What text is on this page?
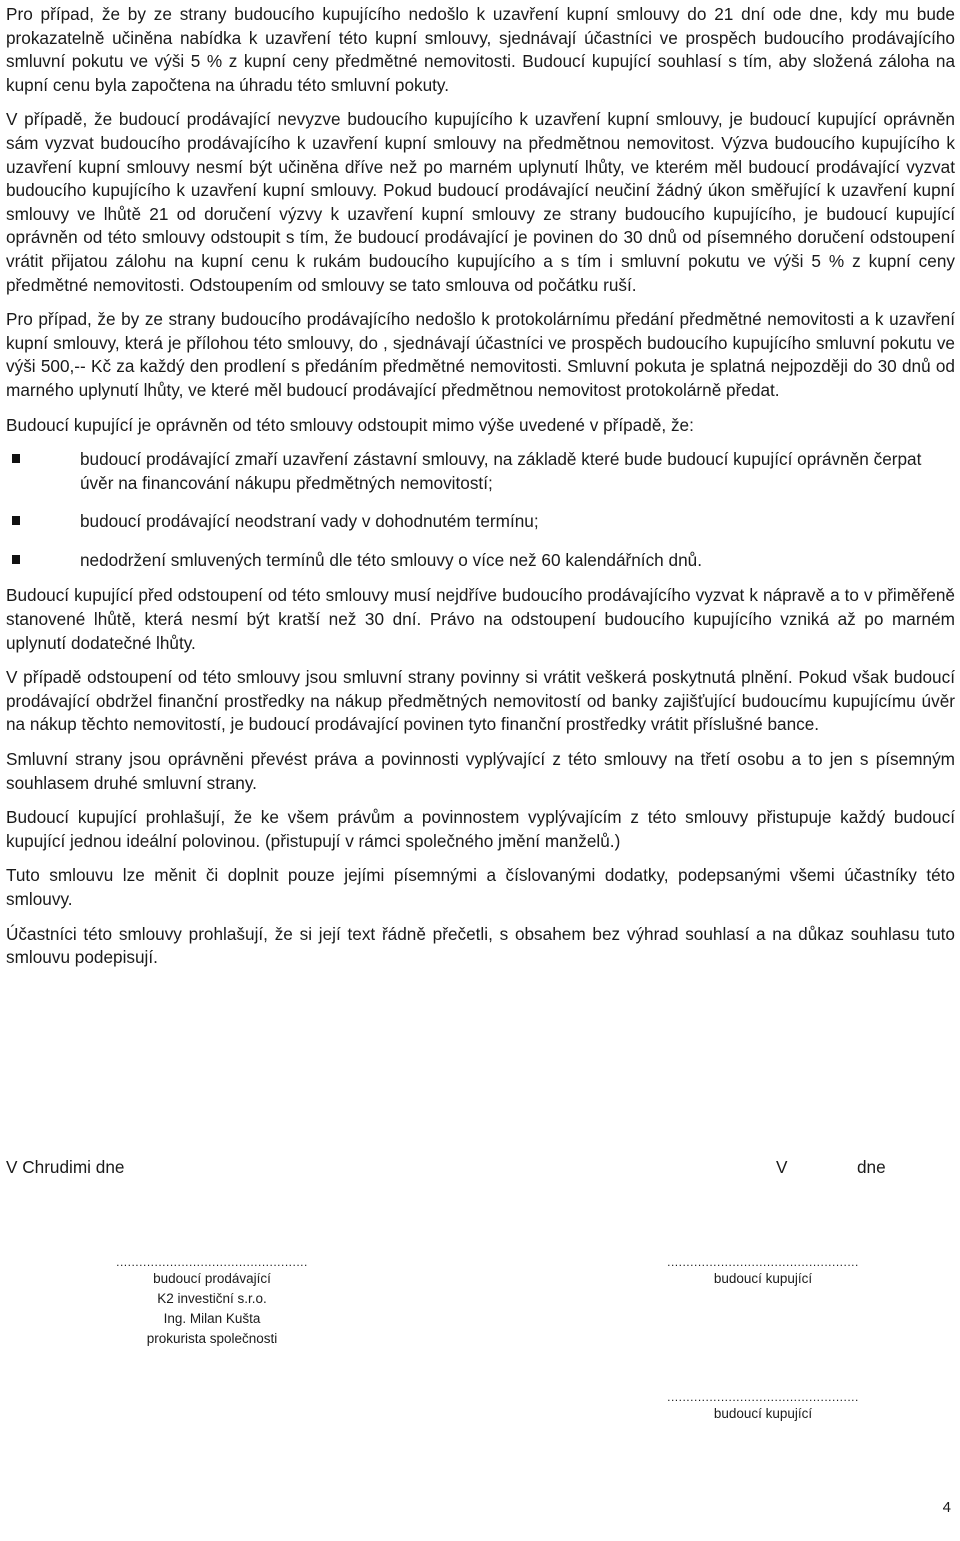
Pro případ, že by ze strany budoucího kupujícího nedošlo k uzavření kupní smlouvy do 21 dní ode dne, kdy mu bude prokazatelně učiněna nabídka k uzavření této kupní smlouvy, sjednávají účastníci ve prospěch budoucího prodávajícího smluvní pokutu ve výši 5 % z kupní ceny předmětné nemovitosti. Budoucí kupující souhlasí s tím, aby složená záloha na kupní cenu byla započtena na úhradu této smluvní pokuty.

V případě, že budoucí prodávající nevyzve budoucího kupujícího k uzavření kupní smlouvy, je budoucí kupující oprávněn sám vyzvat budoucího prodávajícího k uzavření kupní smlouvy na předmětnou nemovitost. Výzva budoucího kupujícího k uzavření kupní smlouvy nesmí být učiněna dříve než po marném uplynutí lhůty, ve kterém měl budoucí prodávající vyzvat budoucího kupujícího k uzavření kupní smlouvy. Pokud budoucí prodávající neučiní žádný úkon směřující k uzavření kupní smlouvy ve lhůtě 21 od doručení výzvy k uzavření kupní smlouvy ze strany budoucího kupujícího, je budoucí kupující oprávněn od této smlouvy odstoupit s tím, že budoucí prodávající je povinen do 30 dnů od písemného doručení odstoupení vrátit přijatou zálohu na kupní cenu k rukám budoucího kupujícího a s tím i smluvní pokutu ve výši 5 % z kupní ceny předmětné nemovitosti. Odstoupením od smlouvy se tato smlouva od počátku ruší.

Pro případ, že by ze strany budoucího prodávajícího nedošlo k protokolárnímu předání předmětné nemovitosti a k uzavření kupní smlouvy, která je přílohou této smlouvy, do , sjednávají účastníci ve prospěch budoucího kupujícího smluvní pokutu ve výši 500,-- Kč za každý den prodlení s předáním předmětné nemovitosti. Smluvní pokuta je splatná nejpozději do 30 dnů od marného uplynutí lhůty, ve které měl budoucí prodávající předmětnou nemovitost protokolárně předat.

Budoucí kupující je oprávněn od této smlouvy odstoupit mimo výše uvedené v případě, že:

budoucí prodávající zmaří uzavření zástavní smlouvy, na základě které bude budoucí kupující oprávněn čerpat úvěr na financování nákupu předmětných nemovitostí;
budoucí prodávající neodstraní vady v dohodnutém termínu;
nedodržení smluvených termínů dle této smlouvy o více než 60 kalendářních dnů.

Budoucí kupující před odstoupení od této smlouvy musí nejdříve budoucího prodávajícího vyzvat k nápravě a to v přiměřeně stanovené lhůtě, která nesmí být kratší než 30 dní. Právo na odstoupení budoucího kupujícího vzniká až po marném uplynutí dodatečné lhůty.

V případě odstoupení od této smlouvy jsou smluvní strany povinny si vrátit veškerá poskytnutá plnění. Pokud však budoucí prodávající obdržel finanční prostředky na nákup předmětných nemovitostí od banky zajišťující budoucímu kupujícímu úvěr na nákup těchto nemovitostí, je budoucí prodávající povinen tyto finanční prostředky vrátit příslušné bance.

Smluvní strany jsou oprávněni převést práva a povinnosti vyplývající z této smlouvy na třetí osobu a to jen s písemným souhlasem druhé smluvní strany.

Budoucí kupující prohlašují, že ke všem právům a povinnostem vyplývajícím z této smlouvy přistupuje každý budoucí kupující jednou ideální polovinou. (přistupují v rámci společného jmění manželů.)

Tuto smlouvu lze měnit či doplnit pouze jejími písemnými a číslovanými dodatky, podepsanými všemi účastníky této smlouvy.

Účastníci této smlouvy prohlašují, že si její text řádně přečetli, s obsahem bez výhrad souhlasí a na důkaz souhlasu tuto smlouvu podepisují.

V Chrudimi dne	V	dne
..................................................
budoucí prodávající
K2 investiční s.r.o.
Ing. Milan Kušta
prokurista společnosti
..................................................
budoucí kupující
..................................................
budoucí kupující
4
